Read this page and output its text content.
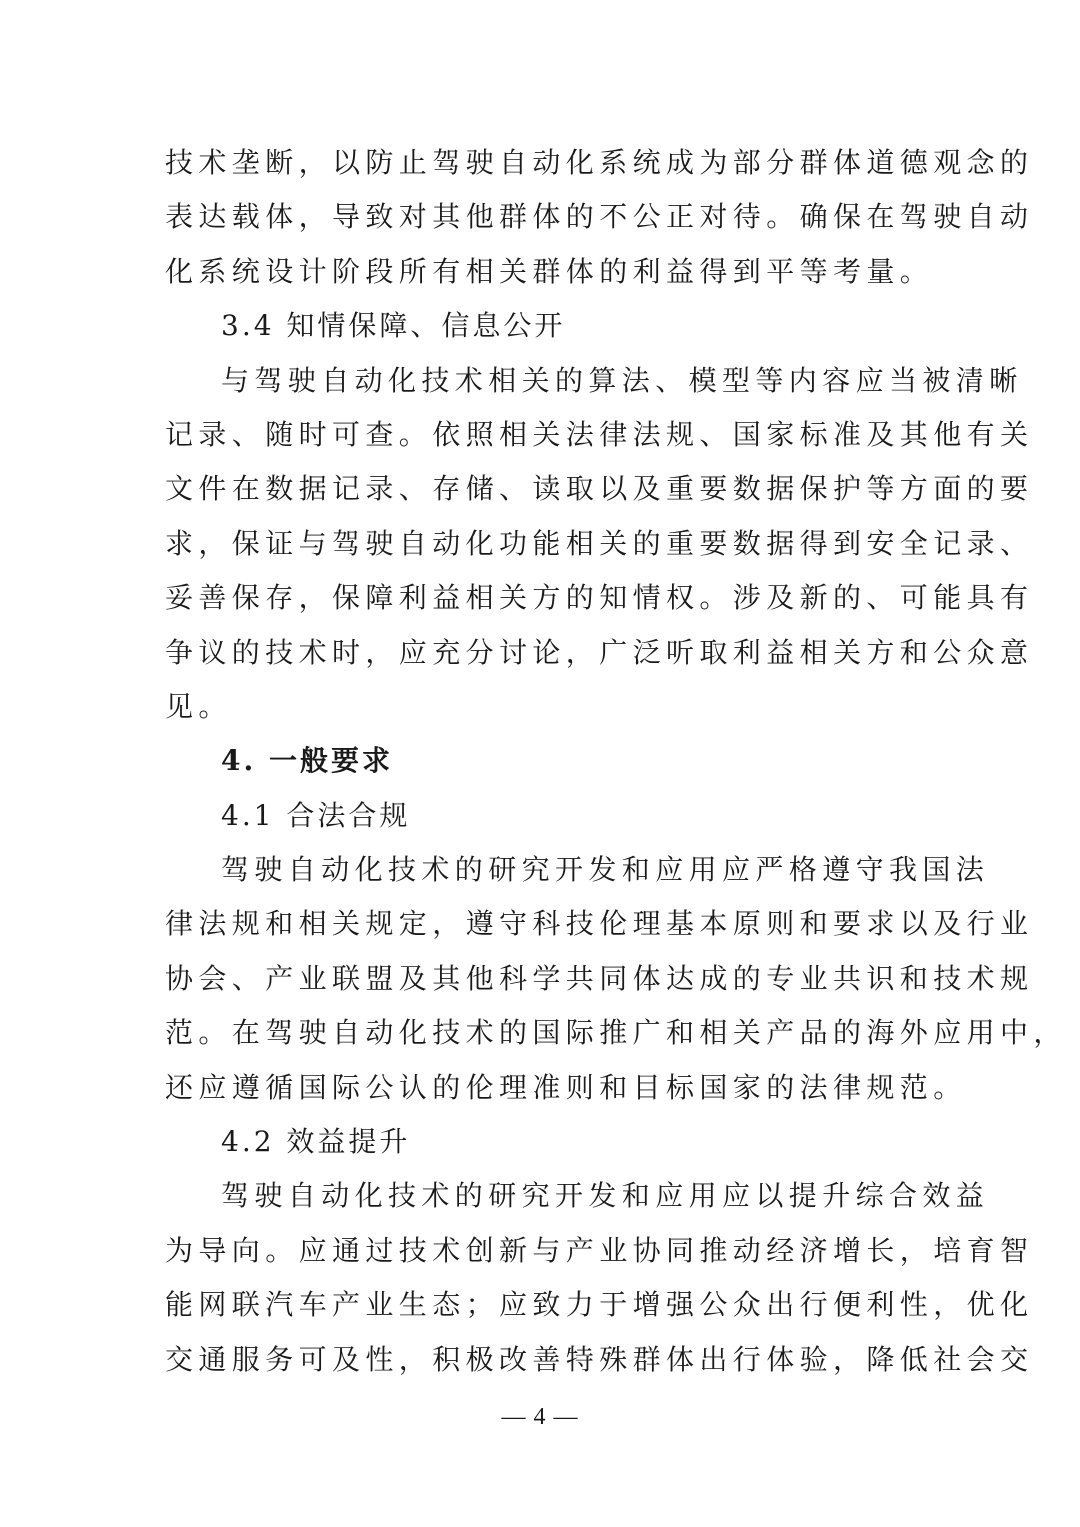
技术垄断，以防止驾驶自动化系统成为部分群体道德观念的
表达载体，导致对其他群体的不公正对待。确保在驾驶自动
化系统设计阶段所有相关群体的利益得到平等考量。
3.4 知情保障、信息公开
与驾驶自动化技术相关的算法、模型等内容应当被清晰
记录、随时可查。依照相关法律法规、国家标准及其他有关
文件在数据记录、存储、读取以及重要数据保护等方面的要
求，保证与驾驶自动化功能相关的重要数据得到安全记录、
妥善保存，保障利益相关方的知情权。涉及新的、可能具有
争议的技术时，应充分讨论，广泛听取利益相关方和公众意
见。
4. 一般要求
4.1 合法合规
驾驶自动化技术的研究开发和应用应严格遵守我国法
律法规和相关规定，遵守科技伦理基本原则和要求以及行业
协会、产业联盟及其他科学共同体达成的专业共识和技术规
范。在驾驶自动化技术的国际推广和相关产品的海外应用中，
还应遵循国际公认的伦理准则和目标国家的法律规范。
4.2 效益提升
驾驶自动化技术的研究开发和应用应以提升综合效益
为导向。应通过技术创新与产业协同推动经济增长，培育智
能网联汽车产业生态；应致力于增强公众出行便利性，优化
交通服务可及性，积极改善特殊群体出行体验，降低社会交
— 4 —
